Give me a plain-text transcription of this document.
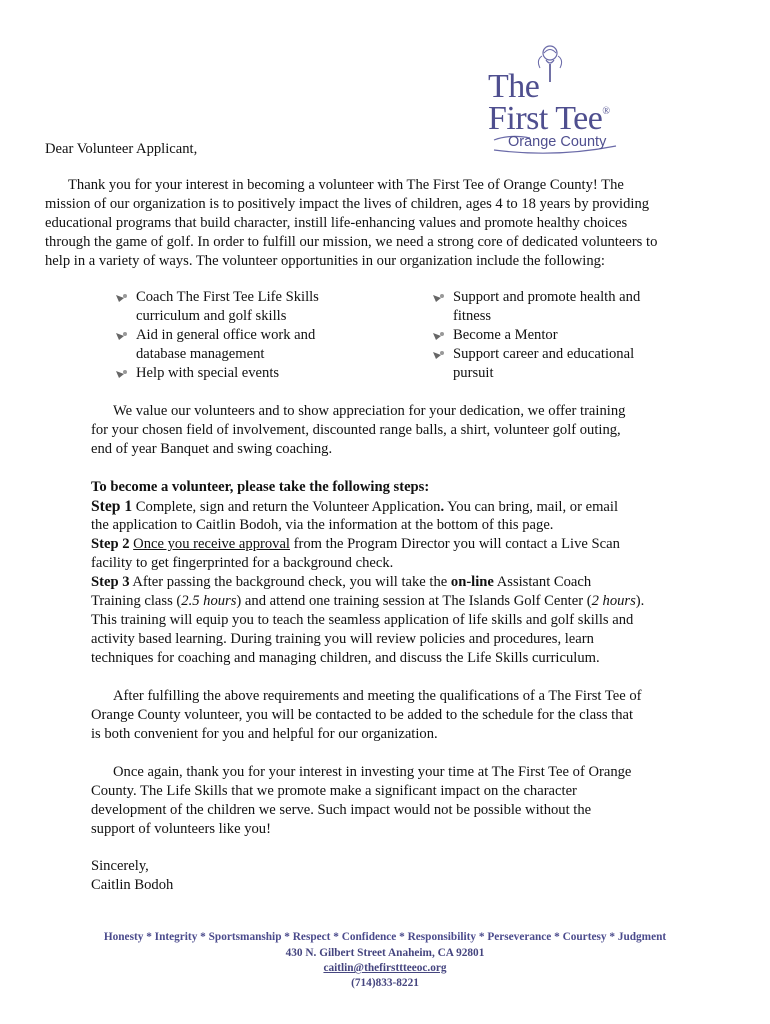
The
First Tee®
Orange County
Dear Volunteer Applicant,
Thank you for your interest in becoming a volunteer with The First Tee of Orange County! The
mission of our organization is to positively impact the lives of children, ages 4 to 18 years by providing
educational programs that build character, instill life-enhancing values and promote healthy choices
through the game of golf. In order to fulfill our mission, we need a strong core of dedicated volunteers to
help in a variety of ways. The volunteer opportunities in our organization include the following:
Coach The First Tee Life Skills
curriculum and golf skills
Aid in general office work and
database management
Help with special events
Support and promote health and
fitness
Become a Mentor
Support career and educational
pursuit
We value our volunteers and to show appreciation for your dedication, we offer training
for your chosen field of involvement, discounted range balls, a shirt, volunteer golf outing,
end of year Banquet and swing coaching.
To become a volunteer, please take the following steps:
Step 1 Complete, sign and return the Volunteer Application. You can bring, mail, or email
the application to Caitlin Bodoh, via the information at the bottom of this page.
Step 2 Once you receive approval from the Program Director you will contact a Live Scan
facility to get fingerprinted for a background check.
Step 3 After passing the background check, you will take the on-line Assistant Coach
Training class (2.5 hours) and attend one training session at The Islands Golf Center (2 hours).
This training will equip you to teach the seamless application of life skills and golf skills and
activity based learning. During training you will review policies and procedures, learn
techniques for coaching and managing children, and discuss the Life Skills curriculum.
After fulfilling the above requirements and meeting the qualifications of a The First Tee of
Orange County volunteer, you will be contacted to be added to the schedule for the class that
is both convenient for you and helpful for our organization.
Once again, thank you for your interest in investing your time at The First Tee of Orange
County. The Life Skills that we promote make a significant impact on the character
development of the children we serve. Such impact would not be possible without the
support of volunteers like you!
Sincerely,
Caitlin Bodoh
Honesty * Integrity * Sportsmanship * Respect * Confidence * Responsibility * Perseverance * Courtesy * Judgment
430 N. Gilbert Street Anaheim, CA 92801
caitlin@thefirsttteeoc.org
(714)833-8221
